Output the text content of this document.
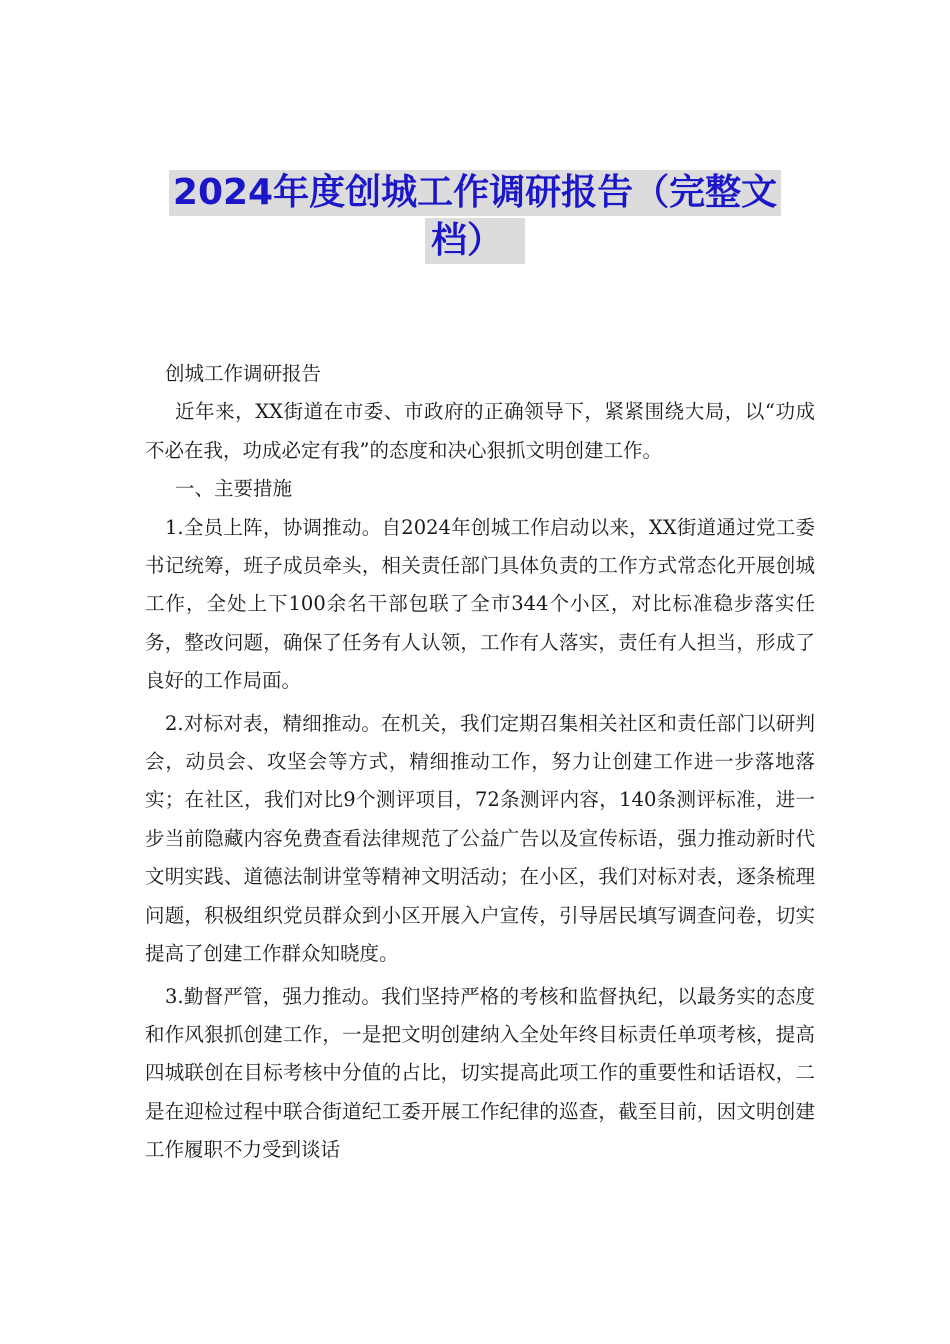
2024年度创城工作调研报告（完整文
档）

创城工作调研报告

近年来，XX街道在市委、市政府的正确领导下，紧紧围绕大局，以“功成不必在我，功成必定有我”的态度和决心狠抓文明创建工作。

一、主要措施

1.全员上阵，协调推动。自2024年创城工作启动以来，XX街道通过党工委书记统筹，班子成员牵头，相关责任部门具体负责的工作方式常态化开展创城工作，全处上下100余名干部包联了全市344个小区，对比标准稳步落实任务，整改问题，确保了任务有人认领，工作有人落实，责任有人担当，形成了良好的工作局面。

2.对标对表，精细推动。在机关，我们定期召集相关社区和责任部门以研判会，动员会、攻坚会等方式，精细推动工作，努力让创建工作进一步落地落实；在社区，我们对比9个测评项目，72条测评内容，140条测评标准，进一步当前隐藏内容免费查看法律规范了公益广告以及宣传标语，强力推动新时代文明实践、道德法制讲堂等精神文明活动；在小区，我们对标对表，逐条梳理问题，积极组织党员群众到小区开展入户宣传，引导居民填写调查问卷，切实提高了创建工作群众知晓度。

3.勤督严管，强力推动。我们坚持严格的考核和监督执纪，以最务实的态度和作风狠抓创建工作，一是把文明创建纳入全处年终目标责任单项考核，提高四城联创在目标考核中分值的占比，切实提高此项工作的重要性和话语权，二是在迎检过程中联合街道纪工委开展工作纪律的巡查，截至目前，因文明创建工作履职不力受到谈话
